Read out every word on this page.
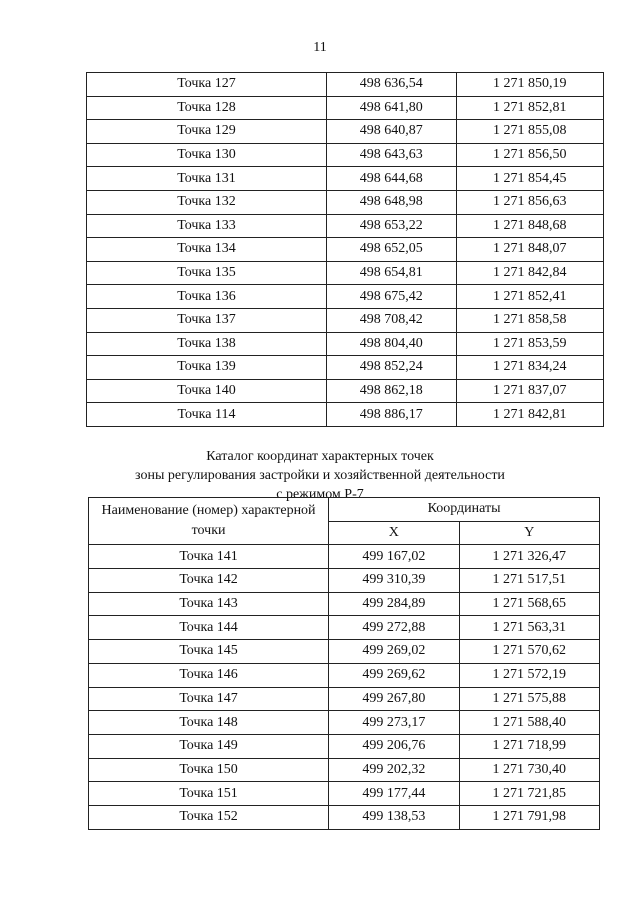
11
Точка 127	498 636,54	1 271 850,19
Точка 128	498 641,80	1 271 852,81
Точка 129	498 640,87	1 271 855,08
Точка 130	498 643,63	1 271 856,50
Точка 131	498 644,68	1 271 854,45
Точка 132	498 648,98	1 271 856,63
Точка 133	498 653,22	1 271 848,68
Точка 134	498 652,05	1 271 848,07
Точка 135	498 654,81	1 271 842,84
Точка 136	498 675,42	1 271 852,41
Точка 137	498 708,42	1 271 858,58
Точка 138	498 804,40	1 271 853,59
Точка 139	498 852,24	1 271 834,24
Точка 140	498 862,18	1 271 837,07
Точка 114	498 886,17	1 271 842,81
Каталог координат характерных точек
зоны регулирования застройки и хозяйственной деятельности
с режимом Р-7
Наименование (номер) характерной точки	Координаты	
	X	Y
Точка 141	499 167,02	1 271 326,47
Точка 142	499 310,39	1 271 517,51
Точка 143	499 284,89	1 271 568,65
Точка 144	499 272,88	1 271 563,31
Точка 145	499 269,02	1 271 570,62
Точка 146	499 269,62	1 271 572,19
Точка 147	499 267,80	1 271 575,88
Точка 148	499 273,17	1 271 588,40
Точка 149	499 206,76	1 271 718,99
Точка 150	499 202,32	1 271 730,40
Точка 151	499 177,44	1 271 721,85
Точка 152	499 138,53	1 271 791,98
